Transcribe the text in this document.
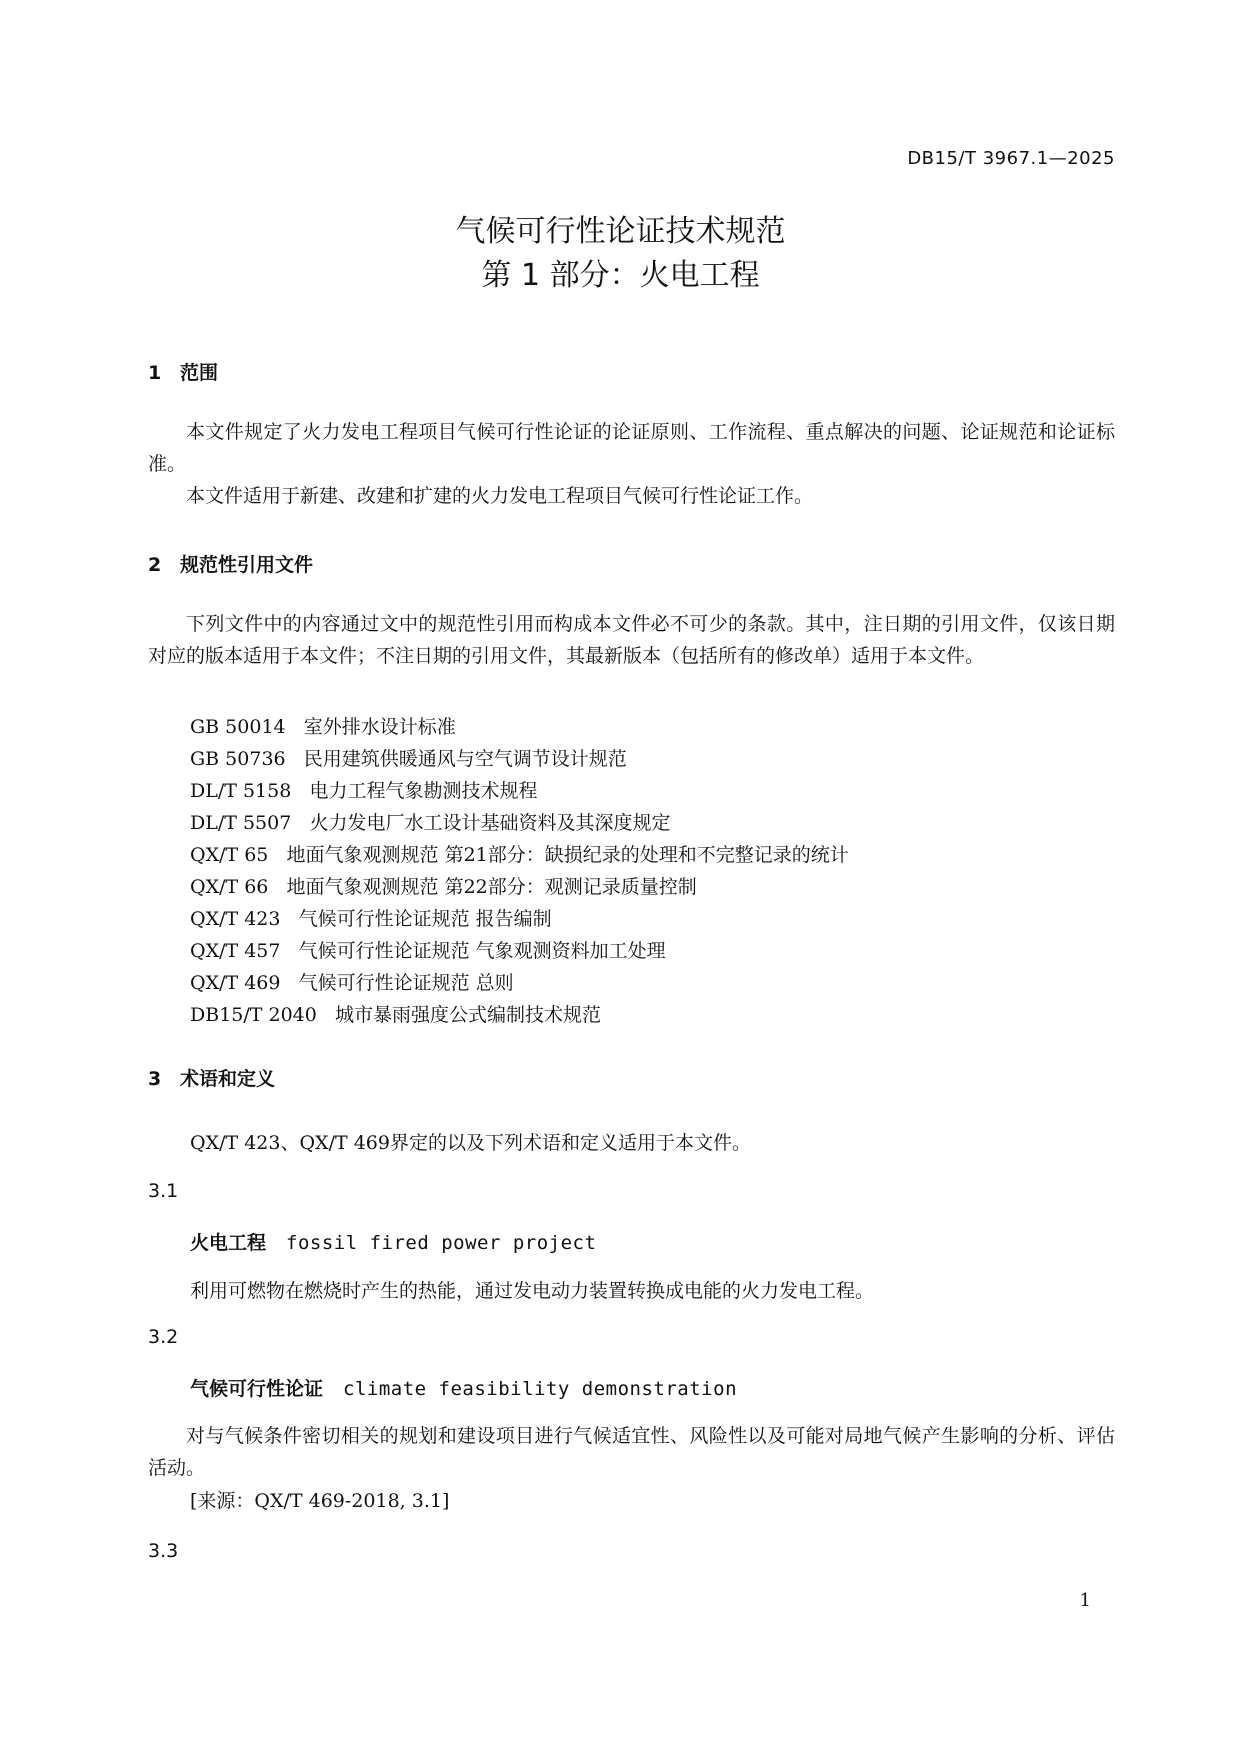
DB15/T 3967.1—2025
气候可行性论证技术规范
第 1 部分：火电工程
1 范围
本文件规定了火力发电工程项目气候可行性论证的论证原则、工作流程、重点解决的问题、论证规范和论证标准。
本文件适用于新建、改建和扩建的火力发电工程项目气候可行性论证工作。
2 规范性引用文件
下列文件中的内容通过文中的规范性引用而构成本文件必不可少的条款。其中，注日期的引用文件，仅该日期对应的版本适用于本文件；不注日期的引用文件，其最新版本（包括所有的修改单）适用于本文件。
GB 50014 室外排水设计标准
GB 50736 民用建筑供暖通风与空气调节设计规范
DL/T 5158 电力工程气象勘测技术规程
DL/T 5507 火力发电厂水工设计基础资料及其深度规定
QX/T 65 地面气象观测规范 第21部分：缺损纪录的处理和不完整记录的统计
QX/T 66 地面气象观测规范 第22部分：观测记录质量控制
QX/T 423 气候可行性论证规范 报告编制
QX/T 457 气候可行性论证规范 气象观测资料加工处理
QX/T 469 气候可行性论证规范 总则
DB15/T 2040 城市暴雨强度公式编制技术规范
3 术语和定义
QX/T 423、QX/T 469界定的以及下列术语和定义适用于本文件。
3.1
火电工程 fossil fired power project
利用可燃物在燃烧时产生的热能，通过发电动力装置转换成电能的火力发电工程。
3.2
气候可行性论证 climate feasibility demonstration
对与气候条件密切相关的规划和建设项目进行气候适宜性、风险性以及可能对局地气候产生影响的分析、评估活动。
[来源：QX/T 469-2018, 3.1]
3.3
1
